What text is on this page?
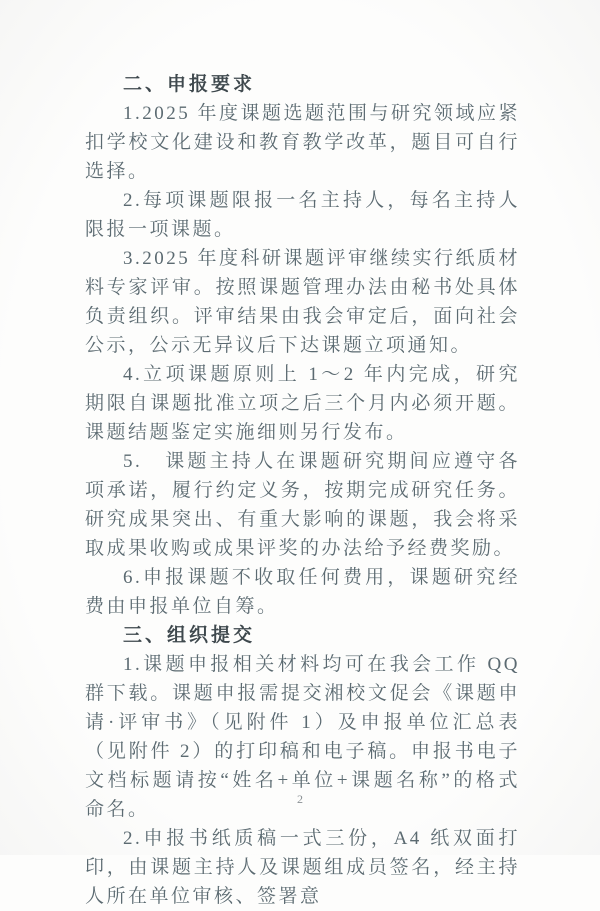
二、申报要求

1.2025 年度课题选题范围与研究领域应紧扣学校文化建设和教育教学改革，题目可自行选择。

2.每项课题限报一名主持人，每名主持人限报一项课题。

3.2025 年度科研课题评审继续实行纸质材料专家评审。按照课题管理办法由秘书处具体负责组织。评审结果由我会审定后，面向社会公示，公示无异议后下达课题立项通知。

4.立项课题原则上 1～2 年内完成，研究期限自课题批准立项之后三个月内必须开题。课题结题鉴定实施细则另行发布。

5.　课题主持人在课题研究期间应遵守各项承诺，履行约定义务，按期完成研究任务。研究成果突出、有重大影响的课题，我会将采取成果收购或成果评奖的办法给予经费奖励。

6.申报课题不收取任何费用，课题研究经费由申报单位自筹。

三、组织提交

1.课题申报相关材料均可在我会工作 QQ 群下载。课题申报需提交湘校文促会《课题申请·评审书》（见附件 1）及申报单位汇总表（见附件 2）的打印稿和电子稿。申报书电子文档标题请按“姓名+单位+课题名称”的格式命名。

2.申报书纸质稿一式三份，A4 纸双面打印，由课题主持人及课题组成员签名，经主持人所在单位审核、签署意

2
